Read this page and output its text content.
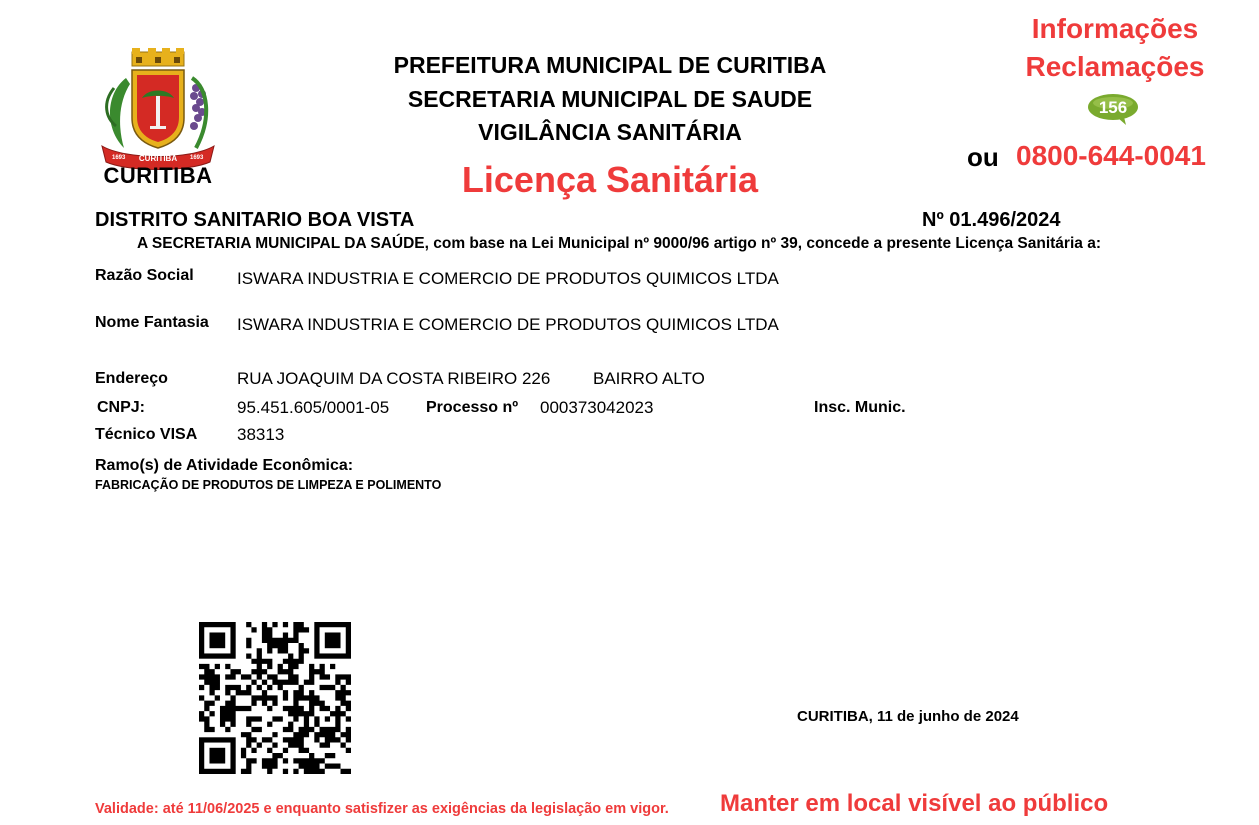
CURITIBA
1693	1693
CURITIBA
PREFEITURA MUNICIPAL DE CURITIBA
SECRETARIA MUNICIPAL DE SAUDE
VIGILÂNCIA SANITÁRIA
Licença Sanitária
Informações
Reclamações
156
ou 0800-644-0041
DISTRITO SANITARIO BOA VISTA	Nº 01.496/2024
A SECRETARIA MUNICIPAL DA SAÚDE, com base na Lei Municipal nº 9000/96 artigo nº 39, concede a presente Licença Sanitária a:
Razão Social	ISWARA INDUSTRIA E COMERCIO DE PRODUTOS QUIMICOS LTDA
Nome Fantasia ISWARA INDUSTRIA E COMERCIO DE PRODUTOS QUIMICOS LTDA
Endereço	RUA JOAQUIM DA COSTA RIBEIRO 226	BAIRRO ALTO
CNPJ:	95.451.605/0001-05 Processo nº 000373042023	Insc. Munic.
Técnico VISA 38313
Ramo(s) de Atividade Econômica:
FABRICAÇÃO DE PRODUTOS DE LIMPEZA E POLIMENTO
CURITIBA, 11 de junho de 2024
Validade: até 11/06/2025 e enquanto satisfizer as exigências da legislação em vigor. Manter em local visível ao público
